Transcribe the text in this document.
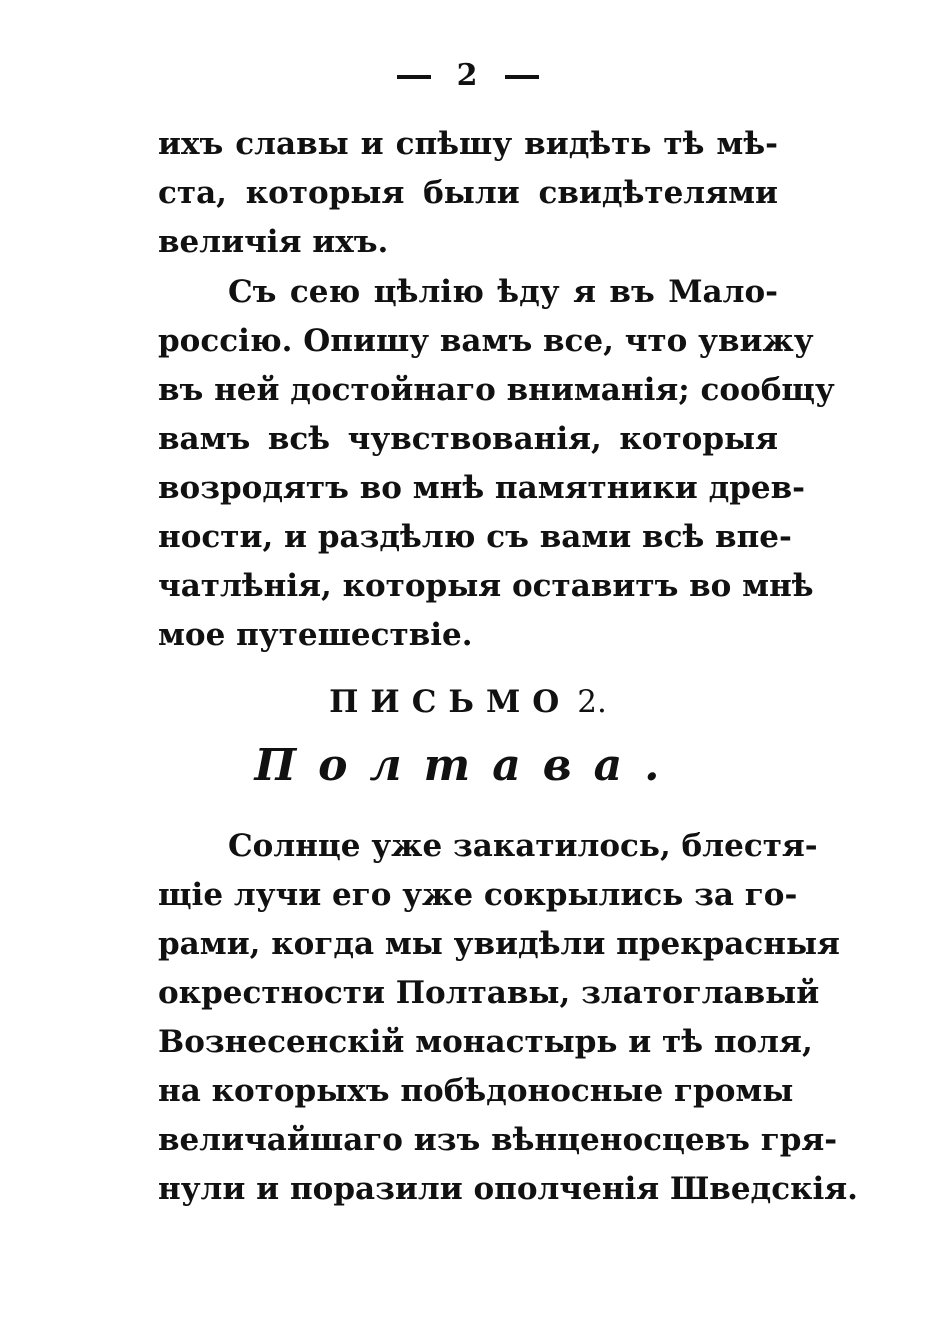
2
ихъ славы и спѣшу видѣть тѣ мѣ-
ста, которыя были свидѣтелями
величія ихъ.
Съ сею цѣлію ѣду я въ Мало-
россію. Опишу вамъ все, что увижу
въ ней достойнаго вниманія; сообщу
вамъ всѣ чувствованія, которыя
возродятъ во мнѣ памятники древ-
ности, и раздѣлю съ вами всѣ впе-
чатлѣнія, которыя оставитъ во мнѣ
мое путешествіе.
ПИСЬМО 2.
Полтава.
Солнце уже закатилось, блестя-
щіе лучи его уже сокрылись за го-
рами, когда мы увидѣли прекрасныя
окрестности Полтавы, златоглавый
Вознесенскій монастырь и тѣ поля,
на которыхъ побѣдоносные громы
величайшаго изъ вѣнценосцевъ гря-
нули и поразили ополченія Шведскія.
